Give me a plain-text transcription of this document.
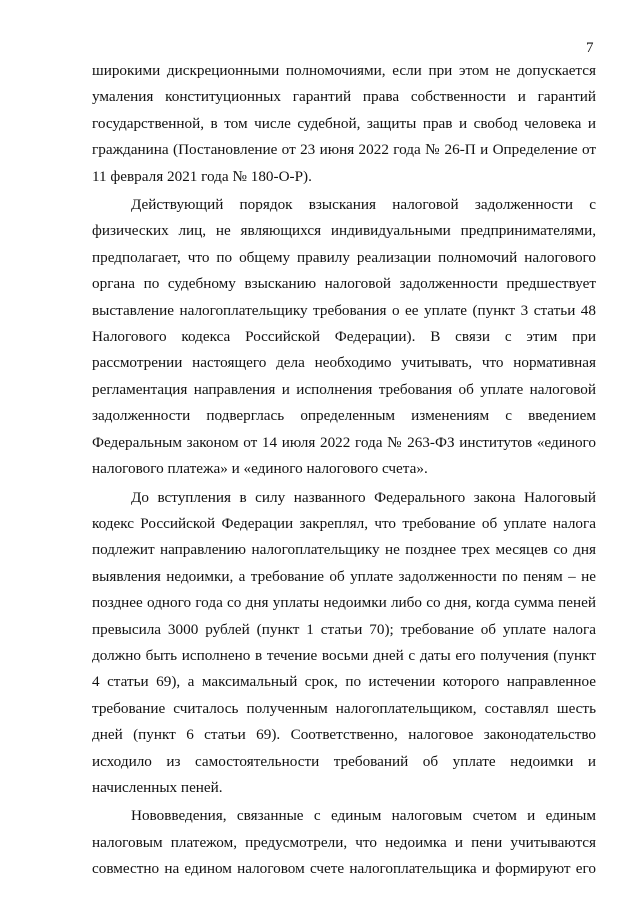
7

широкими дискреционными полномочиями, если при этом не допускается
умаления конституционных гарантий права собственности и гарантий
государственной, в том числе судебной, защиты прав и свобод человека и
гражданина (Постановление от 23 июня 2022 года № 26-П и Определение от
11 февраля 2021 года № 180-О-Р).

Действующий порядок взыскания налоговой задолженности с
физических лиц, не являющихся индивидуальными предпринимателями,
предполагает, что по общему правилу реализации полномочий налогового
органа по судебному взысканию налоговой задолженности предшествует
выставление налогоплательщику требования о ее уплате (пункт 3 статьи 48
Налогового кодекса Российской Федерации). В связи с этим при
рассмотрении настоящего дела необходимо учитывать, что нормативная
регламентация направления и исполнения требования об уплате налоговой
задолженности подверглась определенным изменениям с введением
Федеральным законом от 14 июля 2022 года № 263-ФЗ институтов «единого
налогового платежа» и «единого налогового счета».

До вступления в силу названного Федерального закона Налоговый
кодекс Российской Федерации закреплял, что требование об уплате налога
подлежит направлению налогоплательщику не позднее трех месяцев со дня
выявления недоимки, а требование об уплате задолженности по пеням – не
позднее одного года со дня уплаты недоимки либо со дня, когда сумма пеней
превысила 3000 рублей (пункт 1 статьи 70); требование об уплате налога
должно быть исполнено в течение восьми дней с даты его получения (пункт
4 статьи 69), а максимальный срок, по истечении которого направленное
требование считалось полученным налогоплательщиком, составлял шесть
дней (пункт 6 статьи 69). Соответственно, налоговое законодательство
исходило из самостоятельности требований об уплате недоимки и
начисленных пеней.

Нововведения, связанные с единым налоговым счетом и единым
налоговым платежом, предусмотрели, что недоимка и пени учитываются
совместно на едином налоговом счете налогоплательщика и формируют его
